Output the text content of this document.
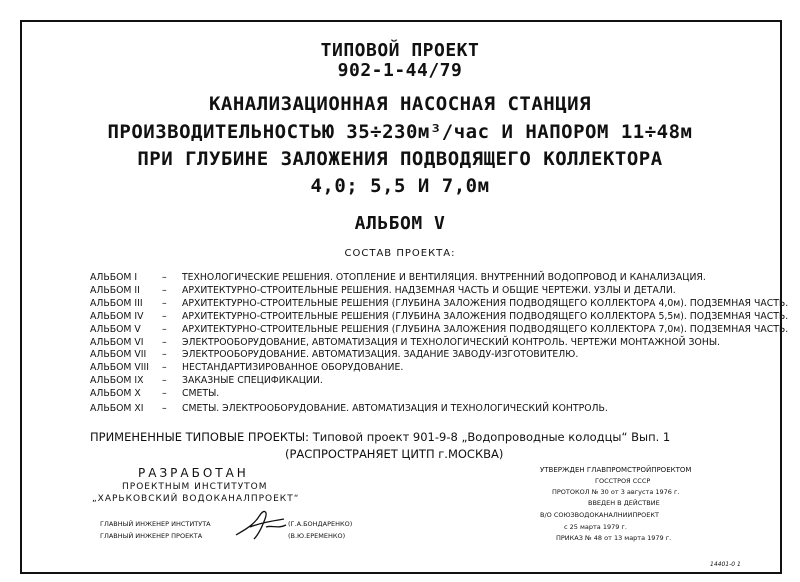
ТИПОВОЙ ПРОЕКТ
902-1-44/79
КАНАЛИЗАЦИОННАЯ НАСОСНАЯ СТАНЦИЯ
ПРОИЗВОДИТЕЛЬНОСТЬЮ 35÷230м³/час И НАПОРОМ 11÷48м
ПРИ ГЛУБИНЕ ЗАЛОЖЕНИЯ ПОДВОДЯЩЕГО КОЛЛЕКТОРА
4,0; 5,5 И 7,0м
АЛЬБОМ V
СОСТАВ ПРОЕКТА:
АЛЬБОМ I	– ТЕХНОЛОГИЧЕСКИЕ РЕШЕНИЯ. ОТОПЛЕНИЕ И ВЕНТИЛЯЦИЯ. ВНУТРЕННИЙ ВОДОПРОВОД И КАНАЛИЗАЦИЯ.
АЛЬБОМ II – АРХИТЕКТУРНО-СТРОИТЕЛЬНЫЕ РЕШЕНИЯ. НАДЗЕМНАЯ ЧАСТЬ И ОБЩИЕ ЧЕРТЕЖИ. УЗЛЫ И ДЕТАЛИ.
АЛЬБОМ III – АРХИТЕКТУРНО-СТРОИТЕЛЬНЫЕ РЕШЕНИЯ (ГЛУБИНА ЗАЛОЖЕНИЯ ПОДВОДЯЩЕГО КОЛЛЕКТОРА 4,0м). ПОДЗЕМНАЯ ЧАСТЬ.
АЛЬБОМ IV – АРХИТЕКТУРНО-СТРОИТЕЛЬНЫЕ РЕШЕНИЯ (ГЛУБИНА ЗАЛОЖЕНИЯ ПОДВОДЯЩЕГО КОЛЛЕКТОРА 5,5м). ПОДЗЕМНАЯ ЧАСТЬ.
АЛЬБОМ V – АРХИТЕКТУРНО-СТРОИТЕЛЬНЫЕ РЕШЕНИЯ (ГЛУБИНА ЗАЛОЖЕНИЯ ПОДВОДЯЩЕГО КОЛЛЕКТОРА 7,0м). ПОДЗЕМНАЯ ЧАСТЬ.
АЛЬБОМ VI – ЭЛЕКТРООБОРУДОВАНИЕ, АВТОМАТИЗАЦИЯ И ТЕХНОЛОГИЧЕСКИЙ КОНТРОЛЬ. ЧЕРТЕЖИ МОНТАЖНОЙ ЗОНЫ.
АЛЬБОМ VII – ЭЛЕКТРООБОРУДОВАНИЕ. АВТОМАТИЗАЦИЯ. ЗАДАНИЕ ЗАВОДУ-ИЗГОТОВИТЕЛЮ.
АЛЬБОМ VIII – НЕСТАНДАРТИЗИРОВАННОЕ ОБОРУДОВАНИЕ.
АЛЬБОМ IX – ЗАКАЗНЫЕ СПЕЦИФИКАЦИИ.
АЛЬБОМ X – СМЕТЫ.
АЛЬБОМ XI – СМЕТЫ. ЭЛЕКТРООБОРУДОВАНИЕ. АВТОМАТИЗАЦИЯ И ТЕХНОЛОГИЧЕСКИЙ КОНТРОЛЬ.
ПРИМЕНЕННЫЕ ТИПОВЫЕ ПРОЕКТЫ: Типовой проект 901-9-8 „Водопроводные колодцы“ Вып. 1
(РАСПРОСТРАНЯЕТ ЦИТП г.МОСКВА)
РАЗРАБОТАН
ПРОЕКТНЫМ ИНСТИТУТОМ
„ХАРЬКОВСКИЙ ВОДОКАНАЛПРОЕКТ“
ГЛАВНЫЙ ИНЖЕНЕР ИНСТИТУТА
ГЛАВНЫЙ ИНЖЕНЕР ПРОЕКТА
(Г.А.БОНДАРЕНКО)
(В.Ю.ЕРЕМЕНКО)
УТВЕРЖДЕН ГЛАВПРОМСТРОЙПРОЕКТОМ
ГОССТРОЯ СССР
ПРОТОКОЛ № 30 от 3 августа 1976 г.
ВВЕДЕН В ДЕЙСТВИЕ
В/О СОЮЗВОДОКАНАЛНИИПРОЕКТ
с 25 марта 1979 г.
ПРИКАЗ № 48 от 13 марта 1979 г.
14401-0 1
